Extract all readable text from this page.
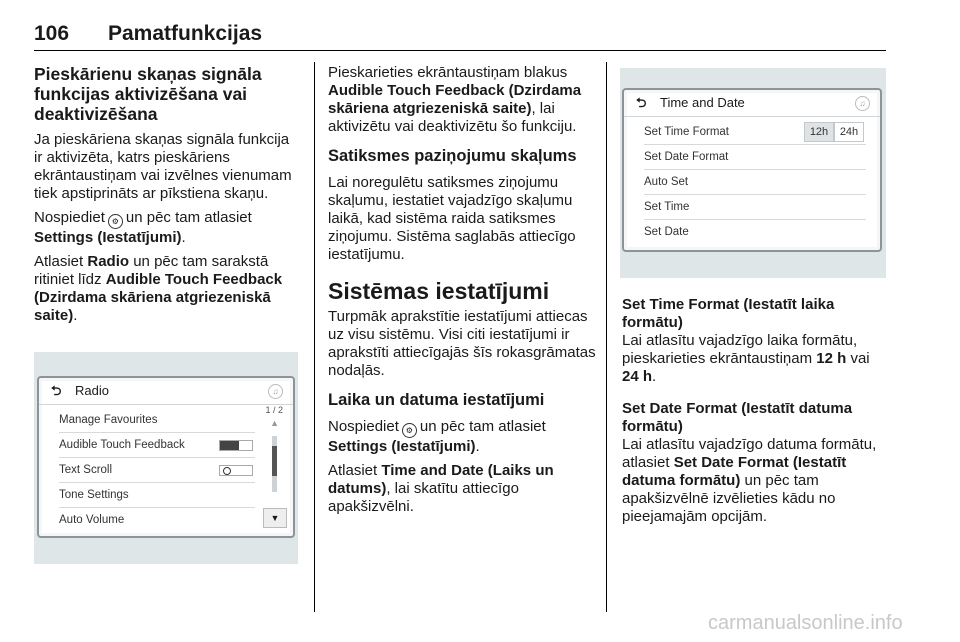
106 Pamatfunkcijas

Pieskārienu skaņas signāla funkcijas aktivizēšana vai deaktivizēšana

Ja pieskāriena skaņas signāla funkcija ir aktivizēta, katrs pieskāriens ekrāntaustiņam vai izvēlnes vienumam tiek apstiprināts ar pīkstiena skaņu.

Nospiediet ⚙ un pēc tam atlasiet Settings (Iestatījumi).

Atlasiet Radio un pēc tam sarakstā ritiniet līdz Audible Touch Feedback (Dzirdama skāriena atgriezeniskā saite).

⮌ Radio	♫
Manage Favourites
Audible Touch Feedback
Text Scroll
Tone Settings
Auto Volume
1 / 2
▲
▼

Pieskarieties ekrāntaustiņam blakus Audible Touch Feedback (Dzirdama skāriena atgriezeniskā saite), lai aktivizētu vai deaktivizētu šo funkciju.

Satiksmes paziņojumu skaļums

Lai noregulētu satiksmes ziņojumu skaļumu, iestatiet vajadzīgo skaļumu laikā, kad sistēma raida satiksmes ziņojumu. Sistēma saglabās attiecīgo iestatījumu.

Sistēmas iestatījumi

Turpmāk aprakstītie iestatījumi attiecas uz visu sistēmu. Visi citi iestatījumi ir aprakstīti attiecīgajās šīs rokasgrāmatas nodaļās.

Laika un datuma iestatījumi

Nospiediet ⚙ un pēc tam atlasiet Settings (Iestatījumi).

Atlasiet Time and Date (Laiks un datums), lai skatītu attiecīgo apakšizvēlni.

⮌ Time and Date	♫
Set Time Format	12h	24h
Set Date Format
Auto Set
Set Time
Set Date

Set Time Format (Iestatīt laika formātu)

Lai atlasītu vajadzīgo laika formātu, pieskarieties ekrāntaustiņam 12 h vai 24 h.

Set Date Format (Iestatīt datuma formātu)

Lai atlasītu vajadzīgo datuma formātu, atlasiet Set Date Format (Iestatīt datuma formātu) un pēc tam apakšizvēlnē izvēlieties kādu no pieejamajām opcijām.

carmanualsonline.info
